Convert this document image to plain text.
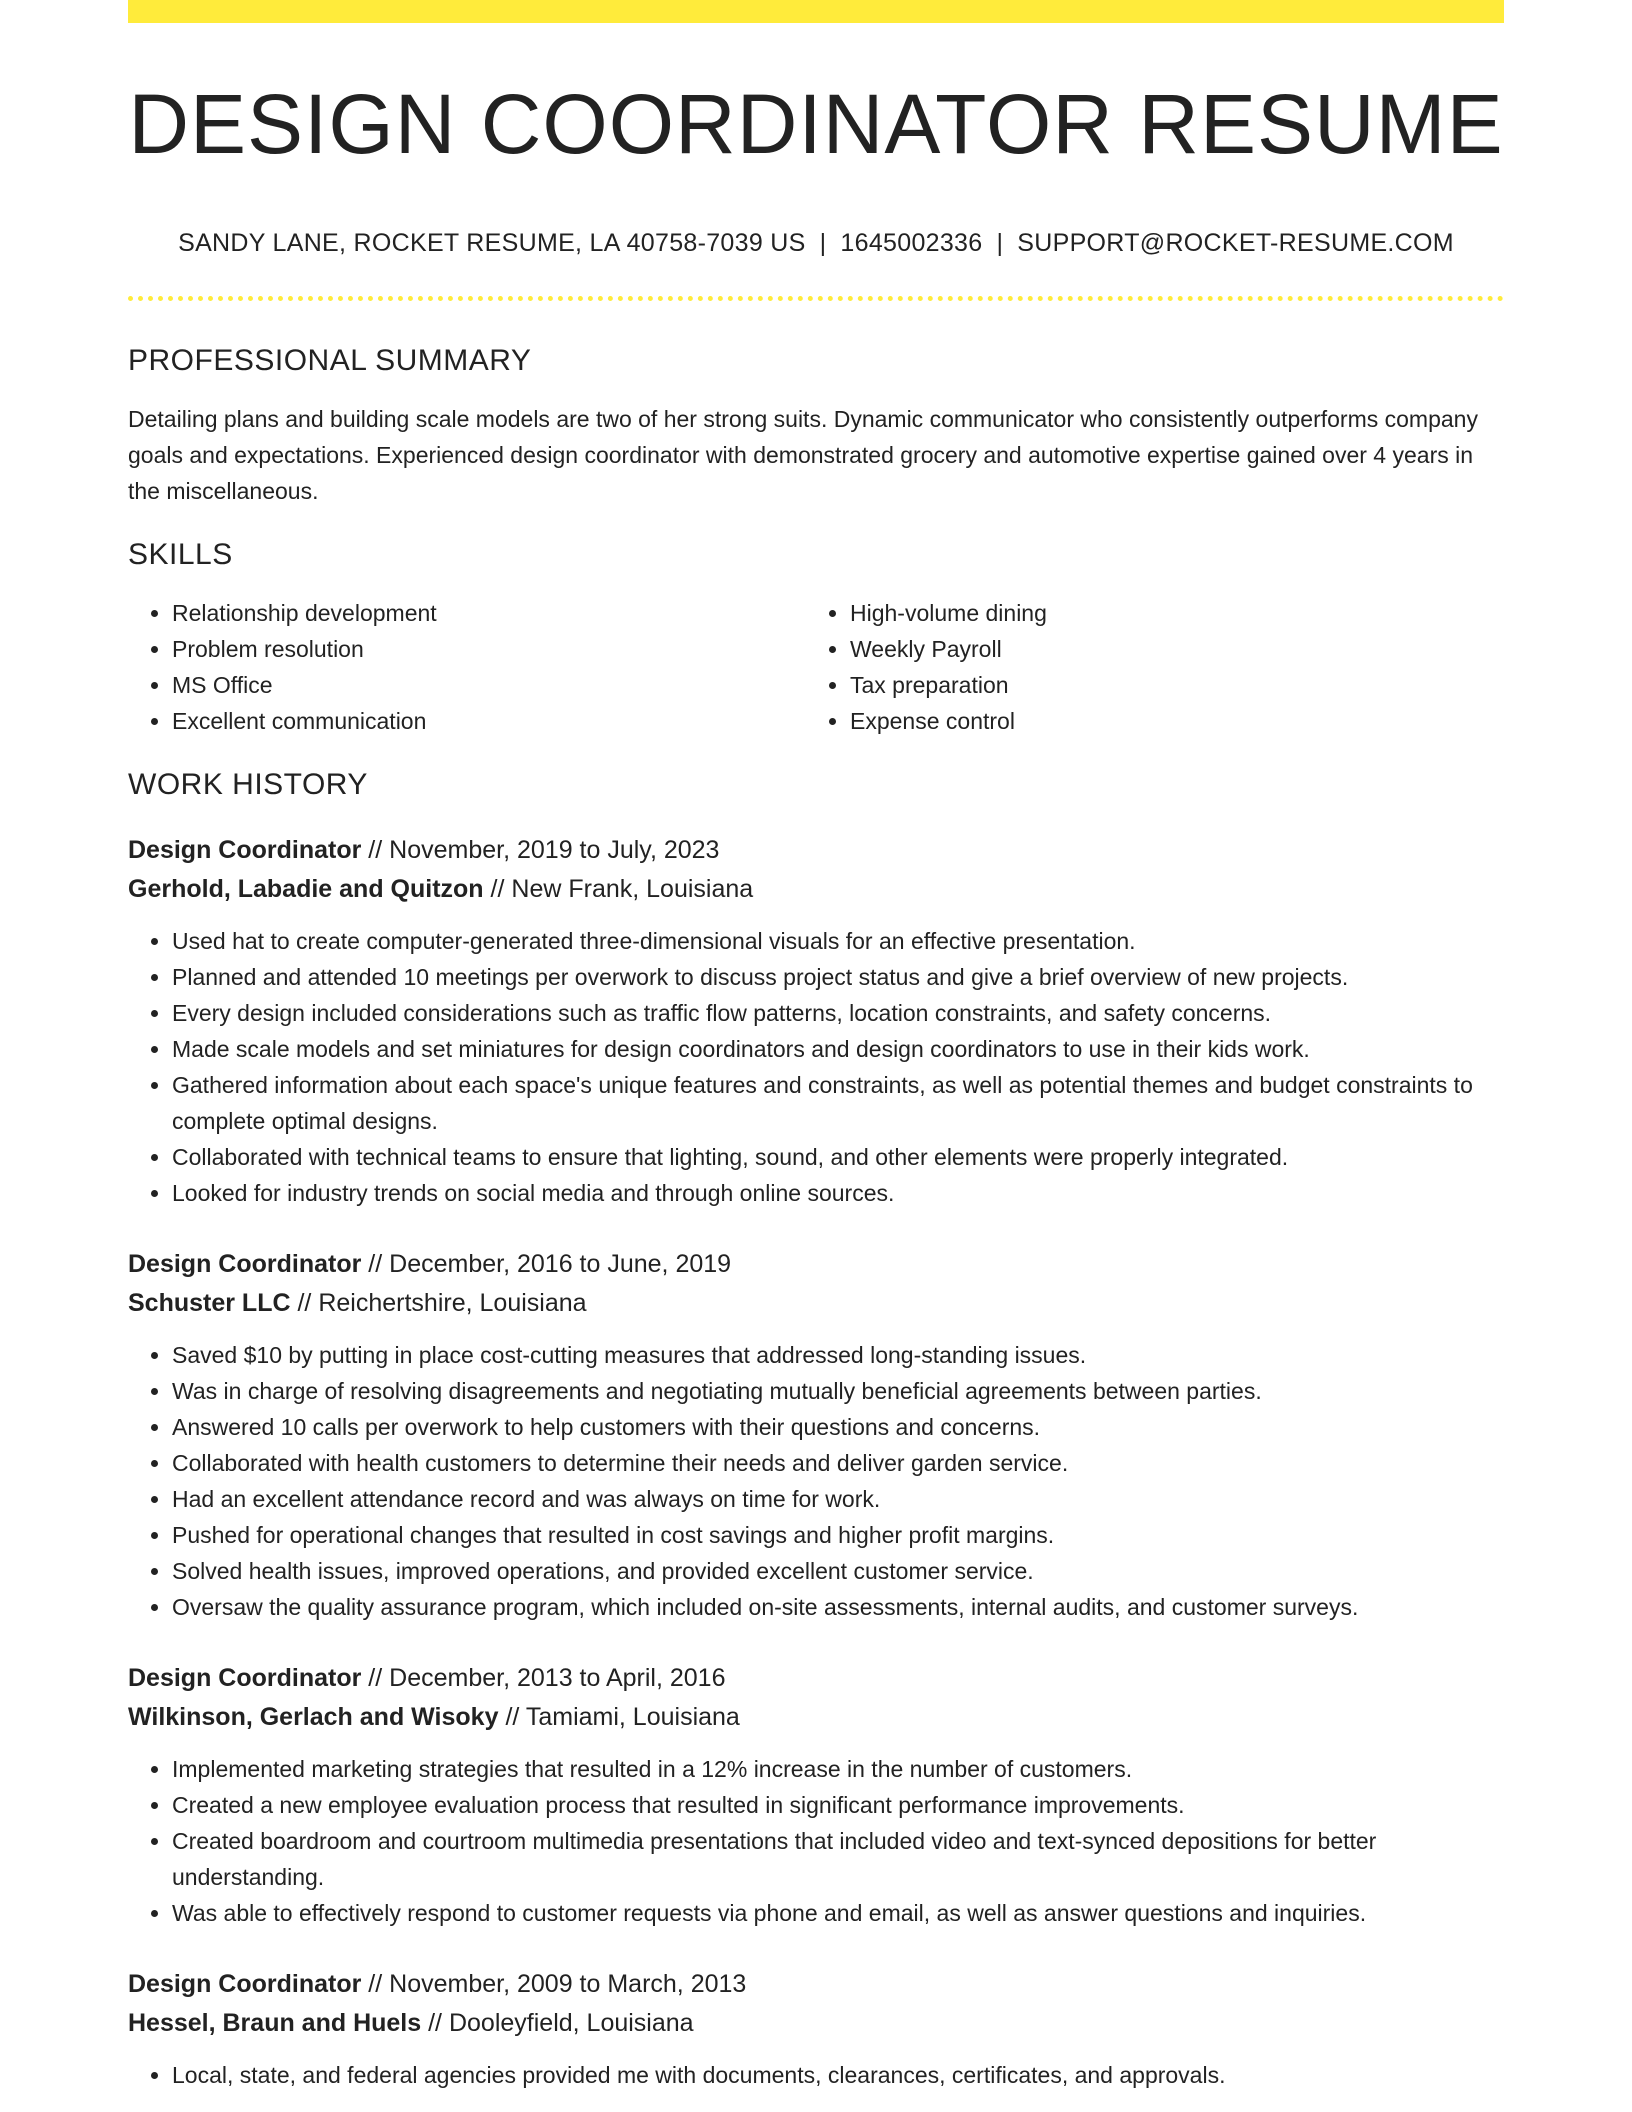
DESIGN COORDINATOR RESUME
SANDY LANE, ROCKET RESUME, LA 40758-7039 US | 1645002336 | SUPPORT@ROCKET-RESUME.COM
PROFESSIONAL SUMMARY

Detailing plans and building scale models are two of her strong suits. Dynamic communicator who consistently outperforms company goals and expectations. Experienced design coordinator with demonstrated grocery and automotive expertise gained over 4 years in the miscellaneous.

SKILLS
• Relationship development
• Problem resolution
• MS Office
• Excellent communication
• High-volume dining
• Weekly Payroll
• Tax preparation
• Expense control
WORK HISTORY
Design Coordinator // November, 2019 to July, 2023
Gerhold, Labadie and Quitzon // New Frank, Louisiana
• Used hat to create computer-generated three-dimensional visuals for an effective presentation.
• Planned and attended 10 meetings per overwork to discuss project status and give a brief overview of new projects.
• Every design included considerations such as traffic flow patterns, location constraints, and safety concerns.
• Made scale models and set miniatures for design coordinators and design coordinators to use in their kids work.
• Gathered information about each space's unique features and constraints, as well as potential themes and budget constraints to complete optimal designs.
• Collaborated with technical teams to ensure that lighting, sound, and other elements were properly integrated.
• Looked for industry trends on social media and through online sources.
Design Coordinator // December, 2016 to June, 2019
Schuster LLC // Reichertshire, Louisiana
• Saved $10 by putting in place cost-cutting measures that addressed long-standing issues.
• Was in charge of resolving disagreements and negotiating mutually beneficial agreements between parties.
• Answered 10 calls per overwork to help customers with their questions and concerns.
• Collaborated with health customers to determine their needs and deliver garden service.
• Had an excellent attendance record and was always on time for work.
• Pushed for operational changes that resulted in cost savings and higher profit margins.
• Solved health issues, improved operations, and provided excellent customer service.
• Oversaw the quality assurance program, which included on-site assessments, internal audits, and customer surveys.
Design Coordinator // December, 2013 to April, 2016
Wilkinson, Gerlach and Wisoky // Tamiami, Louisiana
• Implemented marketing strategies that resulted in a 12% increase in the number of customers.
• Created a new employee evaluation process that resulted in significant performance improvements.
• Created boardroom and courtroom multimedia presentations that included video and text-synced depositions for better understanding.
• Was able to effectively respond to customer requests via phone and email, as well as answer questions and inquiries.
Design Coordinator // November, 2009 to March, 2013
Hessel, Braun and Huels // Dooleyfield, Louisiana
• Local, state, and federal agencies provided me with documents, clearances, certificates, and approvals.
